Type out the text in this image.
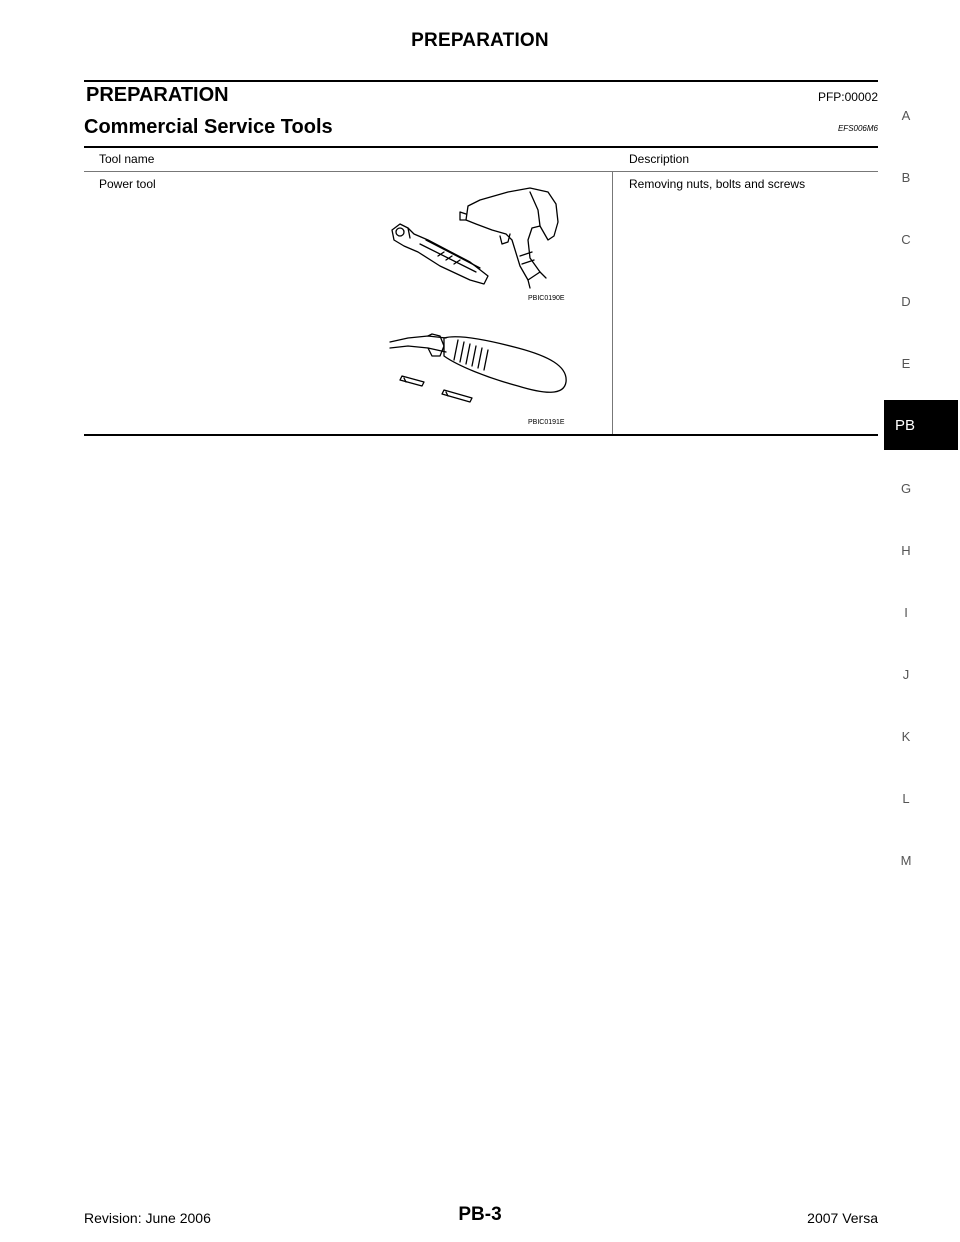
PREPARATION
PREPARATION	PFP:00002
Commercial Service Tools	EFS006M6
Tool name	Description
Power tool	Removing nuts, bolts and screws
PBIC0190E
PBIC0191E
A
B
C
D
E
PB
G
H
I
J
K
L
M
Revision: June 2006	PB-3	2007 Versa
